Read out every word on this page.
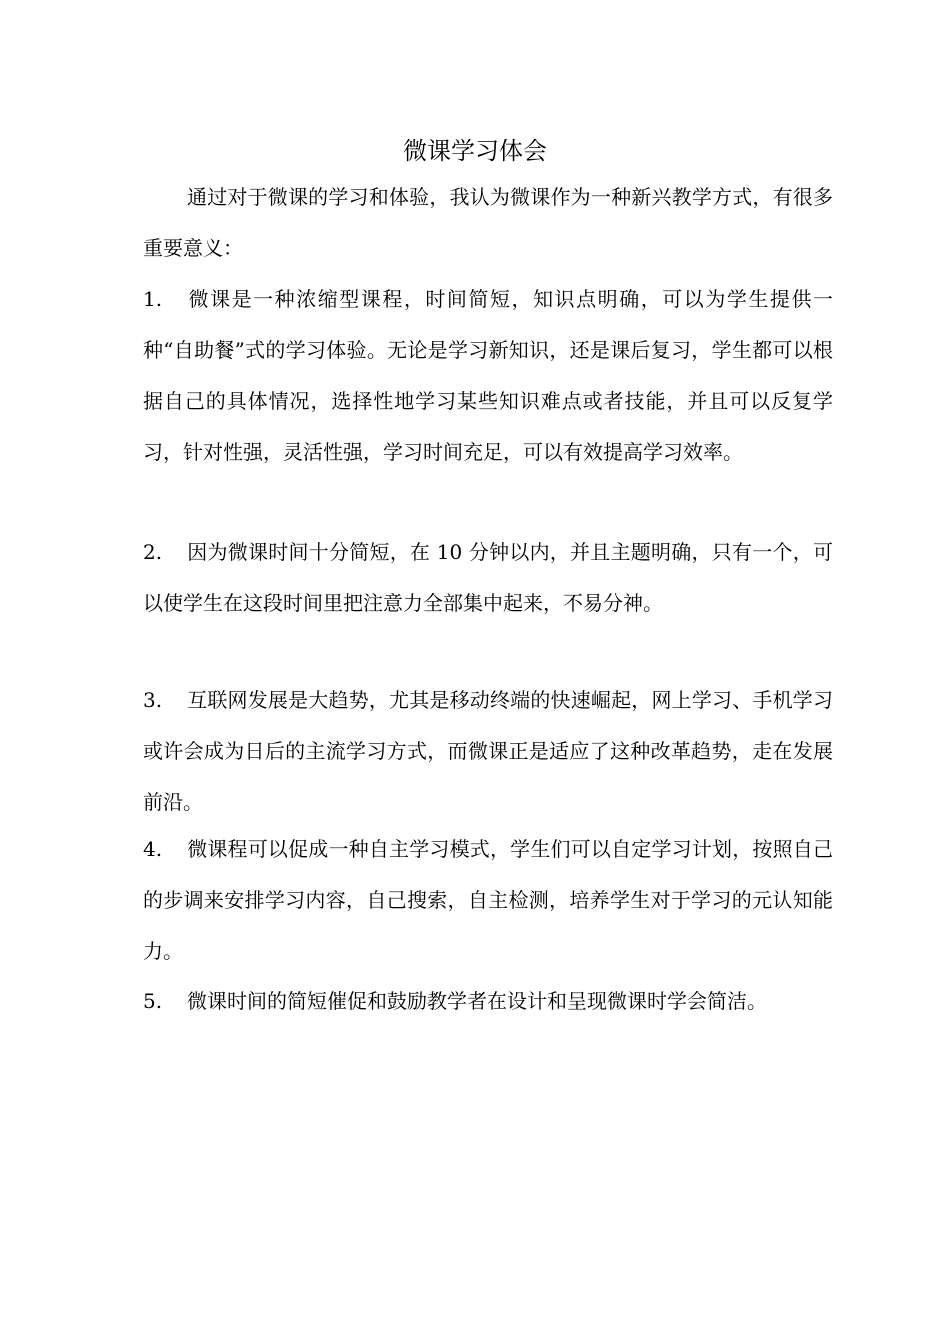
微课学习体会

通过对于微课的学习和体验，我认为微课作为一种新兴教学方式，有很多重要意义：

1. 微课是一种浓缩型课程，时间简短，知识点明确，可以为学生提供一种“自助餐”式的学习体验。无论是学习新知识，还是课后复习，学生都可以根据自己的具体情况，选择性地学习某些知识难点或者技能，并且可以反复学习，针对性强，灵活性强，学习时间充足，可以有效提高学习效率。

2. 因为微课时间十分简短，在 10 分钟以内，并且主题明确，只有一个，可以使学生在这段时间里把注意力全部集中起来，不易分神。

3. 互联网发展是大趋势，尤其是移动终端的快速崛起，网上学习、手机学习或许会成为日后的主流学习方式，而微课正是适应了这种改革趋势，走在发展前沿。

4. 微课程可以促成一种自主学习模式，学生们可以自定学习计划，按照自己的步调来安排学习内容，自己搜索，自主检测，培养学生对于学习的元认知能力。

5. 微课时间的简短催促和鼓励教学者在设计和呈现微课时学会简洁。
